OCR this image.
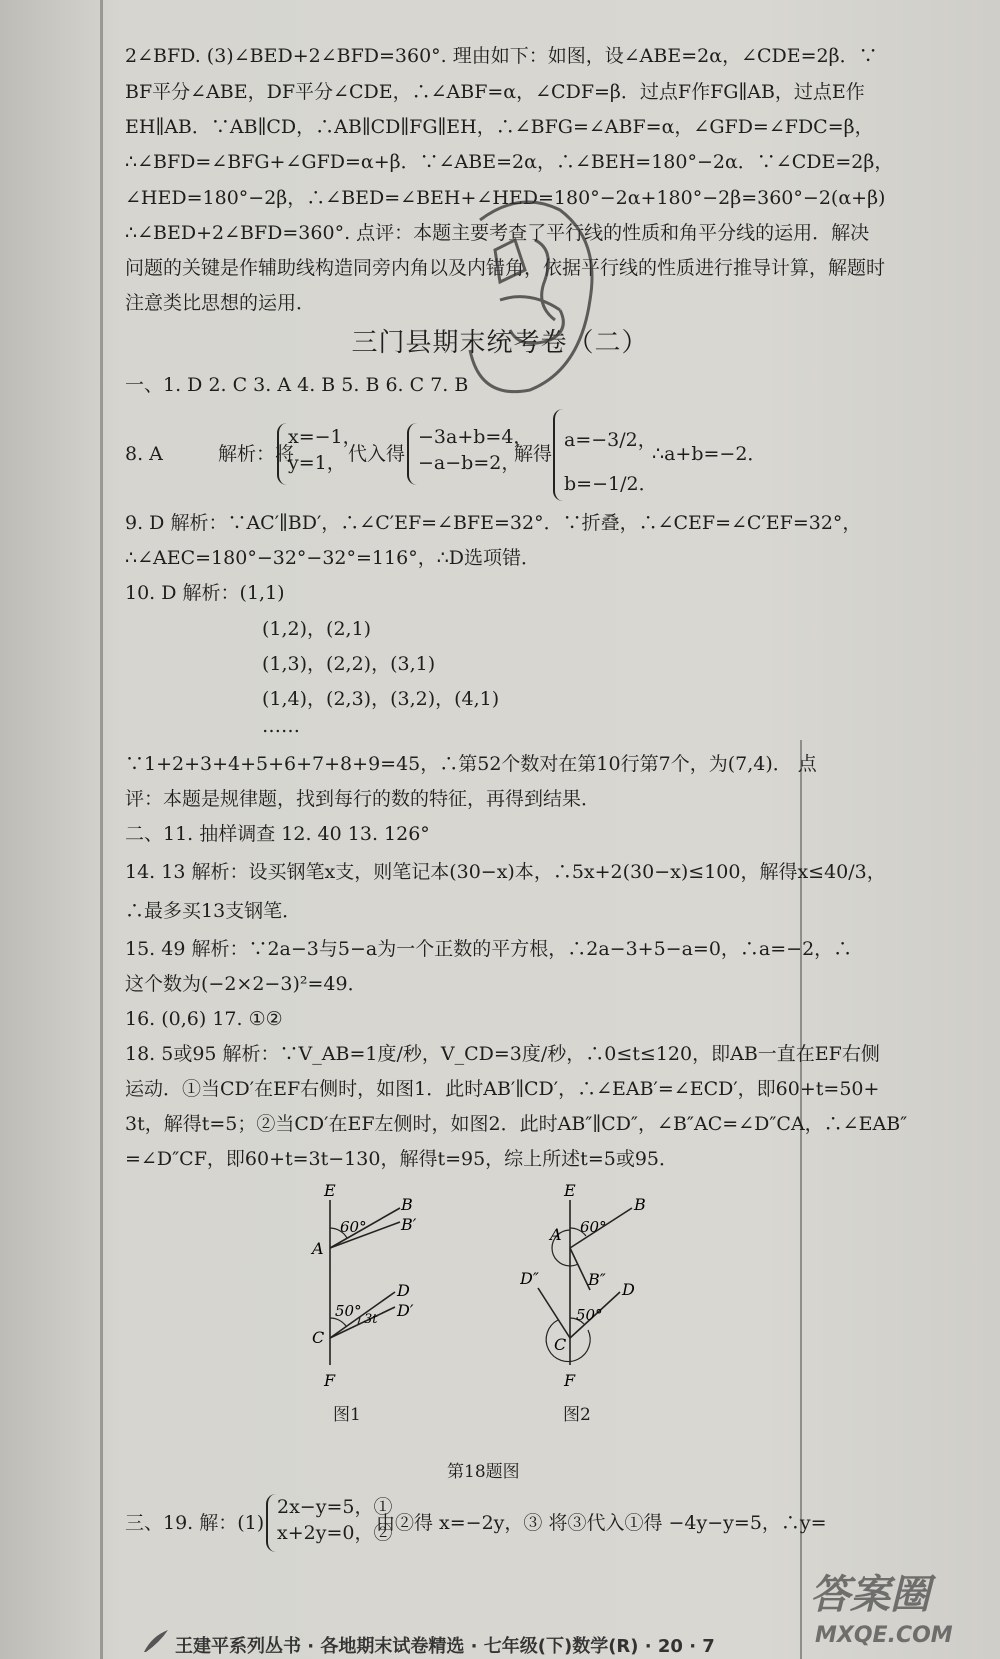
2∠BFD. (3)∠BED+2∠BFD=360°. 理由如下：如图，设∠ABE=2α，∠CDE=2β．∵
BF平分∠ABE，DF平分∠CDE，∴∠ABF=α，∠CDF=β．过点F作FG∥AB，过点E作
EH∥AB．∵AB∥CD，∴AB∥CD∥FG∥EH，∴∠BFG=∠ABF=α，∠GFD=∠FDC=β，
∴∠BFD=∠BFG+∠GFD=α+β．∵∠ABE=2α，∴∠BEH=180°−2α．∵∠CDE=2β，
∠HED=180°−2β，∴∠BED=∠BEH+∠HED=180°−2α+180°−2β=360°−2(α+β)
∴∠BED+2∠BFD=360°. 点评：本题主要考查了平行线的性质和角平分线的运用．解决
问题的关键是作辅助线构造同旁内角以及内错角，依据平行线的性质进行推导计算，解题时
注意类比思想的运用．
三门县期末统考卷（二）
一、1. D 2. C 3. A 4. B 5. B 6. C 7. B
8. A	解析：将
x=−1，
y=1， 代入得
−3a+b=4，
−a−b=2，
解得
a=−3/2，
b=−1/2．
∴a+b=−2．
9. D 解析：∵AC′∥BD′，∴∠C′EF=∠BFE=32°．∵折叠，∴∠CEF=∠C′EF=32°，
∴∠AEC=180°−32°−32°=116°，∴D选项错．
10. D 解析：(1,1)
(1,2)，(2,1)
(1,3)，(2,2)，(3,1)
(1,4)，(2,3)，(3,2)，(4,1)
……
∵1+2+3+4+5+6+7+8+9=45，∴第52个数对在第10行第7个，为(7,4)． 点
评：本题是规律题，找到每行的数的特征，再得到结果．
二、11. 抽样调查 12. 40 13. 126°
14. 13 解析：设买钢笔x支，则笔记本(30−x)本，∴5x+2(30−x)≤100，解得x≤40/3，
∴最多买13支钢笔．
15. 49 解析：∵2a−3与5−a为一个正数的平方根，∴2a−3+5−a=0，∴a=−2，∴
这个数为(−2×2−3)²=49．
16. (0,6) 17. ①②
18. 5或95 解析：∵V_AB=1度/秒，V_CD=3度/秒，∴0≤t≤120，即AB一直在EF右侧
运动．①当CD′在EF右侧时，如图1．此时AB′∥CD′，∴∠EAB′=∠ECD′，即60+t=50+
3t，解得t=5；②当CD′在EF左侧时，如图2．此时AB″∥CD″，∠B″AC=∠D″CA，∴∠EAB″
=∠D″CF，即60+t=3t−130，解得t=95，综上所述t=5或95．
E
B
B′
A
D
D′
C
F
60°
50° 3t
图1
E
B
A
D″	B″
D
C
F
60°
50°
图2
第18题图
三、19. 解：(1)
2x−y=5，①
x+2y=0，②
由②得 x=−2y，③ 将③代入①得 −4y−y=5，∴y=
王建平系列丛书 · 各地期末试卷精选 · 七年级(下)数学(R) · 20 · 7
答案圈
MXQE.COM
